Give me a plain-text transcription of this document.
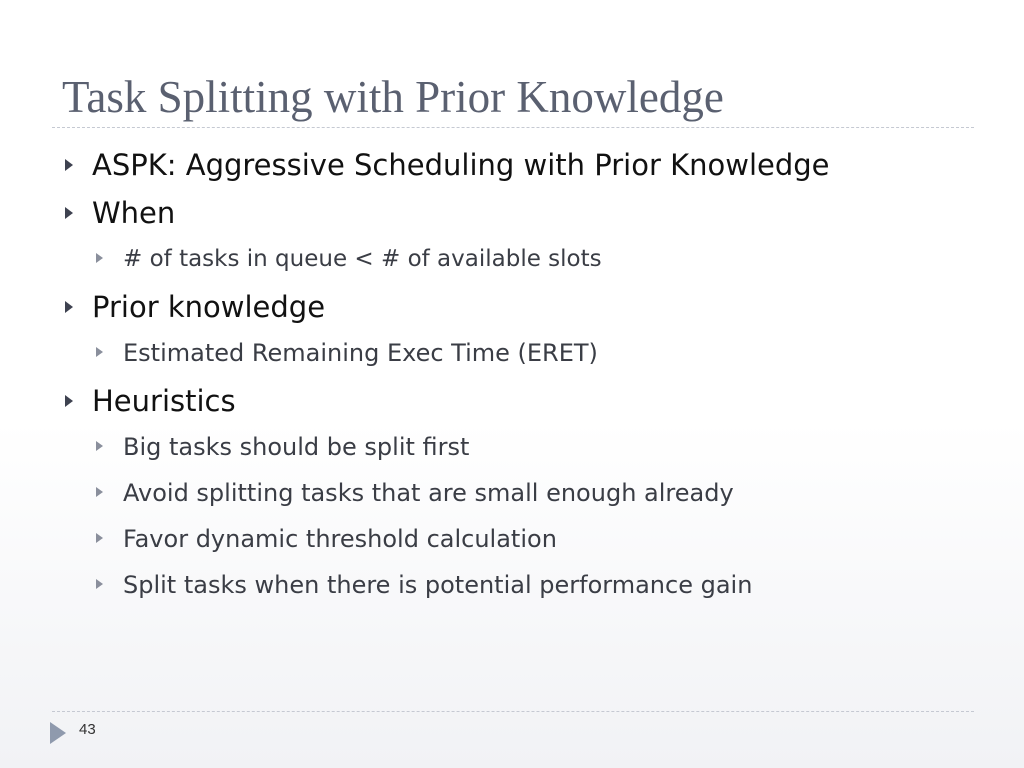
Task Splitting with Prior Knowledge
ASPK: Aggressive Scheduling with Prior Knowledge
When
# of tasks in queue < # of available slots
Prior knowledge
Estimated Remaining Exec Time (ERET)
Heuristics
Big tasks should be split first
Avoid splitting tasks that are small enough already
Favor dynamic threshold calculation
Split tasks when there is potential performance gain
43
